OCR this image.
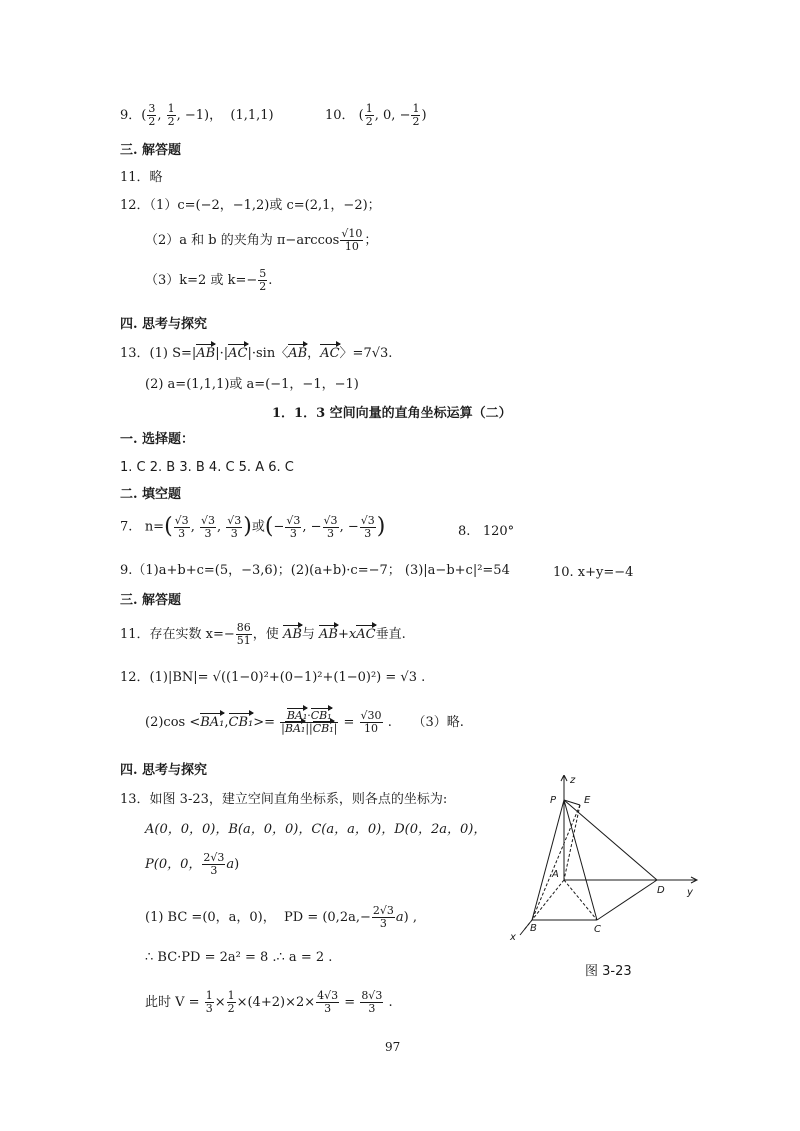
9．( $\frac{3}{2}$ , $\frac{1}{2}$ , −1)，  (1,1,1)	10． ( $\frac{1}{2}$ , 0, − $\frac{1}{2}$ )
三. 解答题
11．略
12．（1）c=(−2，−1,2)或 c=(2,1，−2)；
（2）a 和 b 的夹角为 $\pi-\arccos \frac{√10}{10}$ ；
（3）k=2 或 $k=- \frac{5}{2}$ .
四. 思考与探究
13．(1) S=|AB|·|AC|·sin〈AB，AC〉=7√3.
(2) a=(1,1,1)或 a=(−1，−1，−1)
1．1．3 空间向量的直角坐标运算（二）
一. 选择题：
1. C 2. B 3. B 4. C 5. A 6. C
二. 填空题
7. $n=( \frac{√3}{3}$ , $\frac{√3}{3}$ , $\frac{√3}{3}$ )或(− $\frac{√3}{3}$ , − $\frac{√3}{3}$ , − $\frac{√3}{3}$ )	8. 120°
9.（1)a+b+c=(5，−3,6)；(2)(a+b)·c=−7； (3)|a−b+c|²=54	10. x+y=−4
三. 解答题
11．存在实数 $x=- \frac{86}{51}$ ，使 AB与 AB+xAC垂直.
12．(1)|BN|= √((1−0)²+(0−1)²+(1−0)²) = √3 .
$(2)\cos <BA_1,CB_1>= \frac{\text{BA₁·CB₁}}{\text{|BA₁||CB₁|}} = \frac{√30}{10}$ .     （3）略.
四. 思考与探究
13．如图 3-23，建立空间直角坐标系，则各点的坐标为:
A(0，0，0)，B(a，0，0)，C(a，a，0)，D(0，2a，0)，
P(0，0， $\frac{2√3}{3} a$)
(1) BC =(0，a，0)， PD = $(0,2a,- \frac{2√3}{3} a)$ ,
∴ BC·PD = 2a² = 8 .∴ a = 2 .
此时 $V = \frac{1}{3} \times \frac{1}{2} \times(4+2)\times 2\times \frac{4√3}{3} = \frac{8√3}{3}$ .
z
y
x
P	E
A
D
B	C
图 3-23
97
